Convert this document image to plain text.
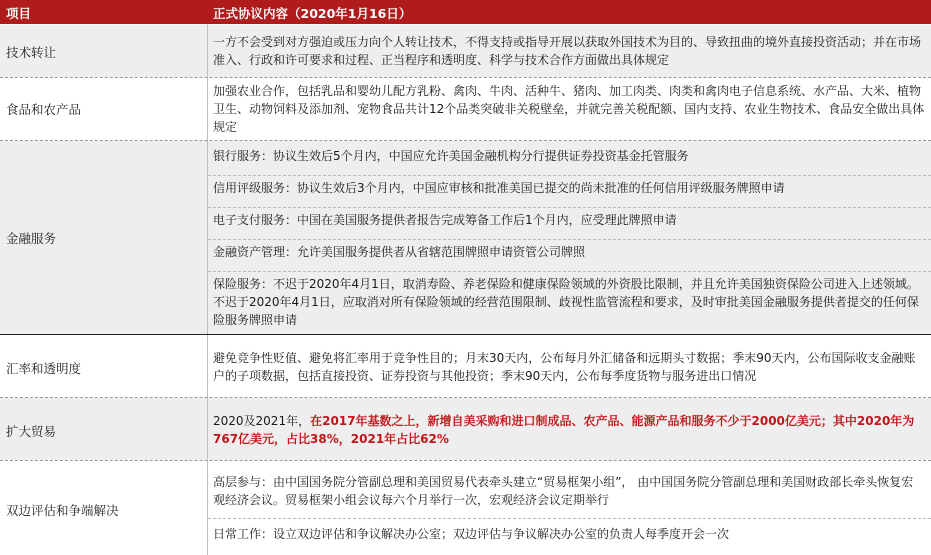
项目	正式协议内容（2020年1月16日）
技术转让
一方不会受到对方强迫或压力向个人转让技术，不得支持或指导开展以获取外国技术为目的、导致扭曲的境外直接投资活动；并在市场准入、行政和许可要求和过程、正当程序和透明度、科学与技术合作方面做出具体规定
食品和农产品
加强农业合作，包括乳品和婴幼儿配方乳粉、禽肉、牛肉、活种牛、猪肉、加工肉类、肉类和禽肉电子信息系统、水产品、大米、植物卫生、动物饲料及添加剂、宠物食品共计12个品类突破非关税壁垒，并就完善关税配额、国内支持、农业生物技术、食品安全做出具体规定
金融服务
银行服务：协议生效后5个月内，中国应允许美国金融机构分行提供证券投资基金托管服务
信用评级服务：协议生效后3个月内，中国应审核和批准美国已提交的尚未批准的任何信用评级服务牌照申请
电子支付服务：中国在美国服务提供者报告完成筹备工作后1个月内，应受理此牌照申请
金融资产管理：允许美国服务提供者从省辖范围牌照申请资管公司牌照
保险服务：不迟于2020年4月1日，取消寿险、养老保险和健康保险领域的外资股比限制，并且允许美国独资保险公司进入上述领域。不迟于2020年4月1日，应取消对所有保险领域的经营范围限制、歧视性监管流程和要求，及时审批美国金融服务提供者提交的任何保险服务牌照申请
汇率和透明度
避免竞争性贬值、避免将汇率用于竞争性目的；月末30天内，公布每月外汇储备和远期头寸数据；季末90天内，公布国际收支金融账户的子项数据，包括直接投资、证券投资与其他投资；季末90天内，公布每季度货物与服务进出口情况
扩大贸易
2020及2021年，在2017年基数之上，新增自美采购和进口制成品、农产品、能源产品和服务不少于2000亿美元；其中2020年为767亿美元，占比38%，2021年占比62%
双边评估和争端解决
高层参与：由中国国务院分管副总理和美国贸易代表牵头建立“贸易框架小组”， 由中国国务院分管副总理和美国财政部长牵头恢复宏观经济会议。贸易框架小组会议每六个月举行一次，宏观经济会议定期举行
日常工作：设立双边评估和争议解决办公室；双边评估与争议解决办公室的负责人每季度开会一次
